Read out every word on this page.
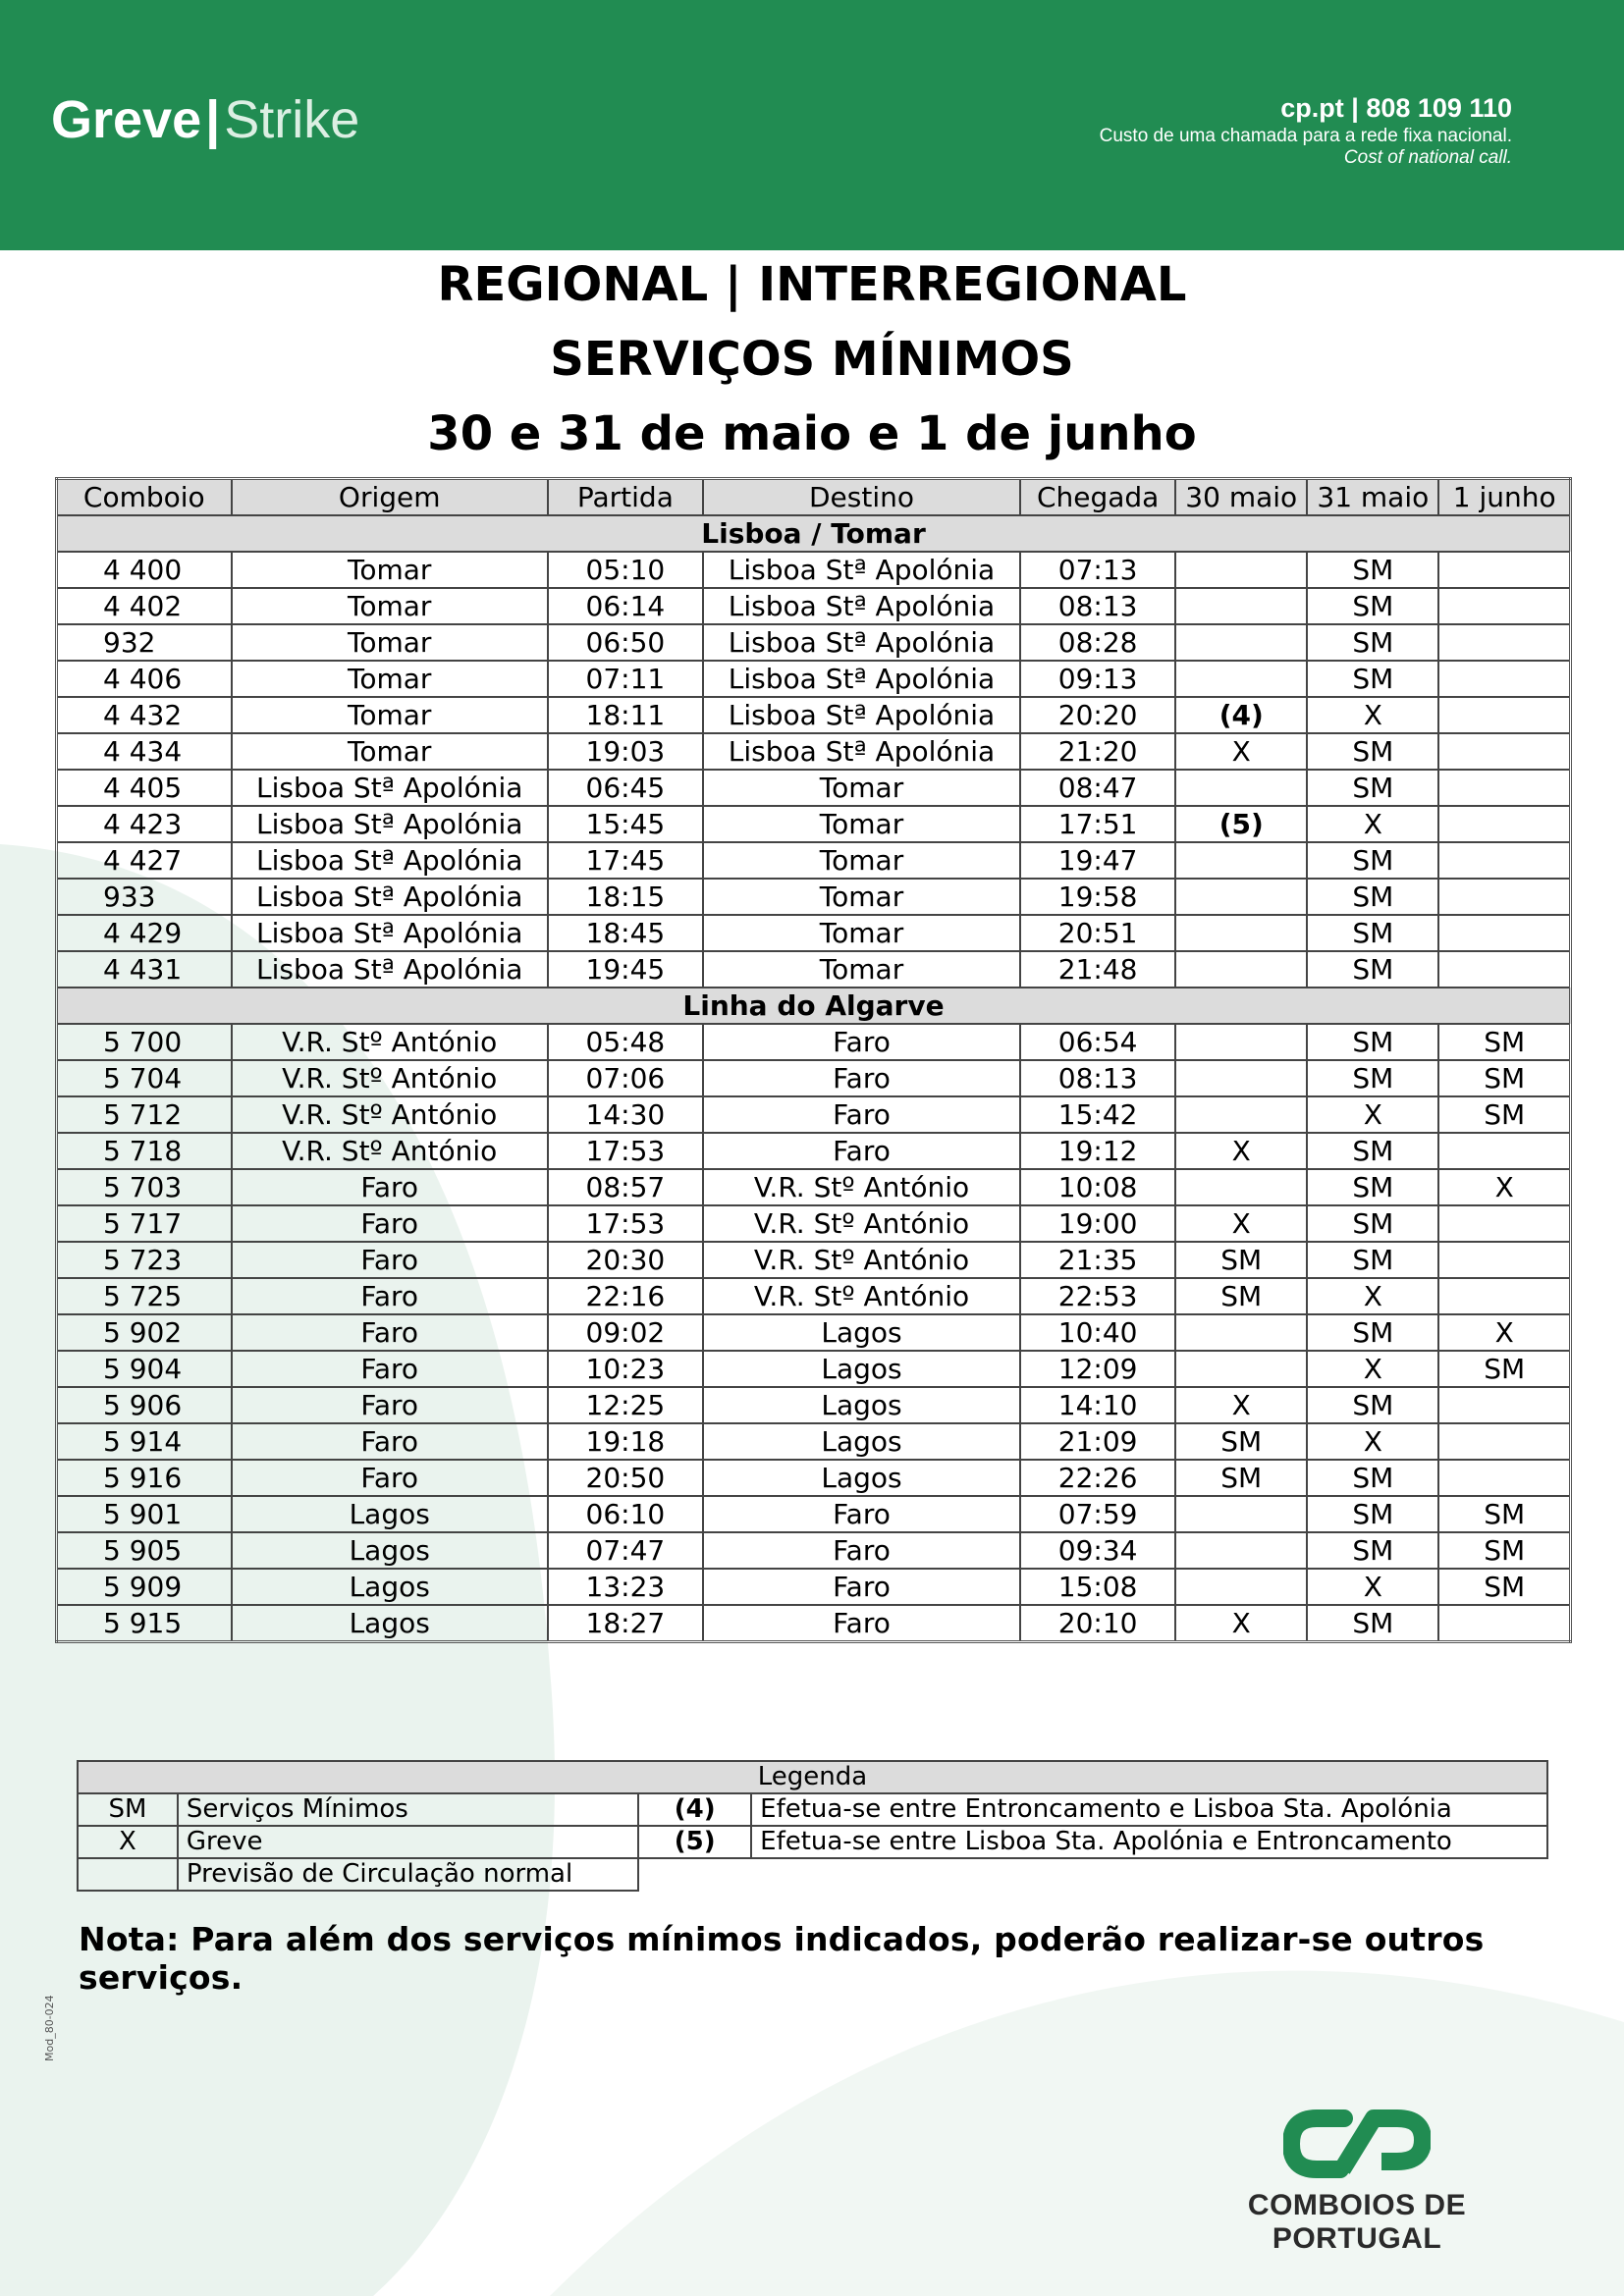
Greve|Strike	cp.pt | 808 109 110
Custo de uma chamada para a rede fixa nacional.
Cost of national call.
REGIONAL | INTERREGIONAL
SERVIÇOS MÍNIMOS
30 e 31 de maio e 1 de junho
Comboio	Origem	Partida	Destino	Chegada	30 maio	31 maio	1 junho
Lisboa / Tomar							
4 400	Tomar	05:10	Lisboa Stª Apolónia	07:13		SM	
4 402	Tomar	06:14	Lisboa Stª Apolónia	08:13		SM	
932	Tomar	06:50	Lisboa Stª Apolónia	08:28		SM	
4 406	Tomar	07:11	Lisboa Stª Apolónia	09:13		SM	
4 432	Tomar	18:11	Lisboa Stª Apolónia	20:20	(4)	X	
4 434	Tomar	19:03	Lisboa Stª Apolónia	21:20	X	SM	
4 405	Lisboa Stª Apolónia	06:45	Tomar	08:47		SM	
4 423	Lisboa Stª Apolónia	15:45	Tomar	17:51	(5)	X	
4 427	Lisboa Stª Apolónia	17:45	Tomar	19:47		SM	
933	Lisboa Stª Apolónia	18:15	Tomar	19:58		SM	
4 429	Lisboa Stª Apolónia	18:45	Tomar	20:51		SM	
4 431	Lisboa Stª Apolónia	19:45	Tomar	21:48		SM	
Linha do Algarve							
5 700	V.R. Stº António	05:48	Faro	06:54		SM	SM
5 704	V.R. Stº António	07:06	Faro	08:13		SM	SM
5 712	V.R. Stº António	14:30	Faro	15:42		X	SM
5 718	V.R. Stº António	17:53	Faro	19:12	X	SM	
5 703	Faro	08:57	V.R. Stº António	10:08		SM	X
5 717	Faro	17:53	V.R. Stº António	19:00	X	SM	
5 723	Faro	20:30	V.R. Stº António	21:35	SM	SM	
5 725	Faro	22:16	V.R. Stº António	22:53	SM	X	
5 902	Faro	09:02	Lagos	10:40		SM	X
5 904	Faro	10:23	Lagos	12:09		X	SM
5 906	Faro	12:25	Lagos	14:10	X	SM	
5 914	Faro	19:18	Lagos	21:09	SM	X	
5 916	Faro	20:50	Lagos	22:26	SM	SM	
5 901	Lagos	06:10	Faro	07:59		SM	SM
5 905	Lagos	07:47	Faro	09:34		SM	SM
5 909	Lagos	13:23	Faro	15:08		X	SM
5 915	Lagos	18:27	Faro	20:10	X	SM	
Legenda			
SM	Serviços Mínimos	(4)	Efetua-se entre Entroncamento e Lisboa Sta. Apolónia
X	Greve	(5)	Efetua-se entre Lisboa Sta. Apolónia e Entroncamento
	Previsão de Circulação normal		
Nota: Para além dos serviços mínimos indicados, poderão realizar-se outros serviços.
Mod_80-024
COMBOIOS DE PORTUGAL
